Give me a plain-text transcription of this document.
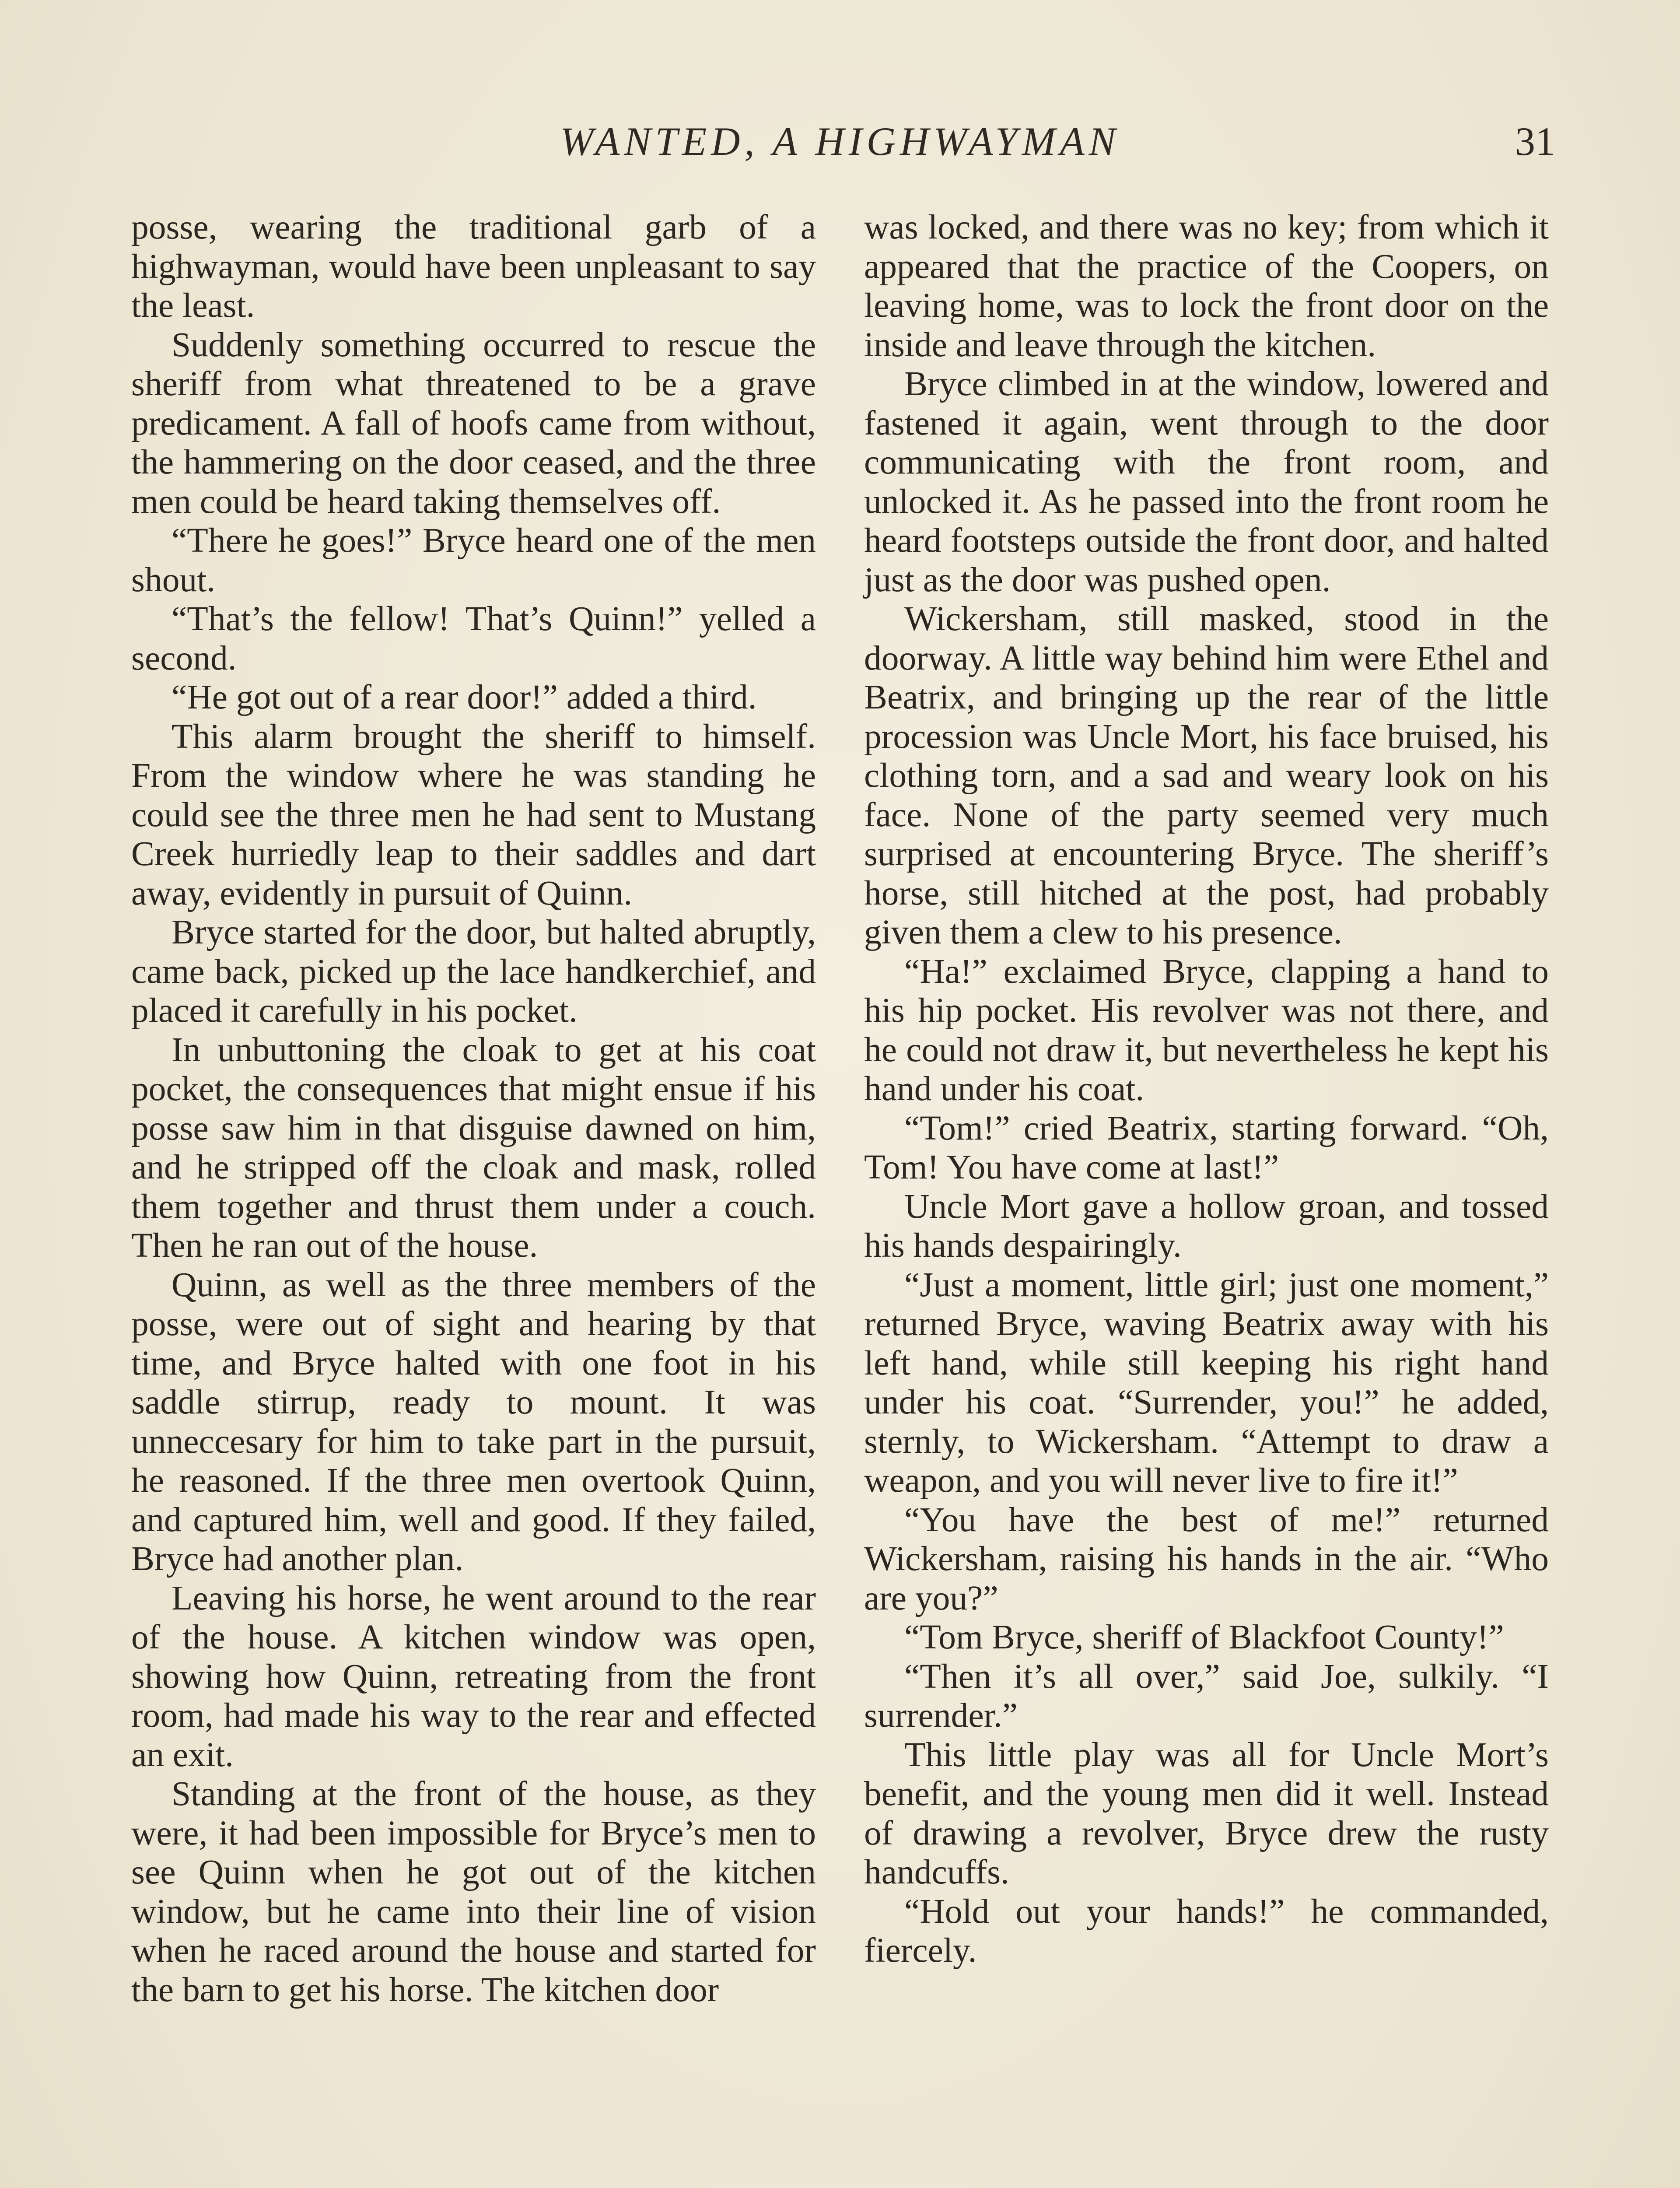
WANTED, A HIGHWAYMAN	31

posse, wearing the traditional garb of a highwayman, would have been unpleasant to say the least.

Suddenly something occurred to rescue the sheriff from what threatened to be a grave predicament. A fall of hoofs came from without, the hammering on the door ceased, and the three men could be heard taking themselves off.

“There he goes!” Bryce heard one of the men shout.

“That’s the fellow! That’s Quinn!” yelled a second.

“He got out of a rear door!” added a third.

This alarm brought the sheriff to himself. From the window where he was standing he could see the three men he had sent to Mustang Creek hurriedly leap to their saddles and dart away, evidently in pursuit of Quinn.

Bryce started for the door, but halted abruptly, came back, picked up the lace handkerchief, and placed it carefully in his pocket.

In unbuttoning the cloak to get at his coat pocket, the consequences that might ensue if his posse saw him in that disguise dawned on him, and he stripped off the cloak and mask, rolled them together and thrust them under a couch. Then he ran out of the house.

Quinn, as well as the three members of the posse, were out of sight and hearing by that time, and Bryce halted with one foot in his saddle stirrup, ready to mount. It was unneccesary for him to take part in the pursuit, he reasoned. If the three men overtook Quinn, and captured him, well and good. If they failed, Bryce had another plan.

Leaving his horse, he went around to the rear of the house. A kitchen window was open, showing how Quinn, retreating from the front room, had made his way to the rear and effected an exit.

Standing at the front of the house, as they were, it had been impossible for Bryce’s men to see Quinn when he got out of the kitchen window, but he came into their line of vision when he raced around the house and started for the barn to get his horse. The kitchen door

was locked, and there was no key; from which it appeared that the practice of the Coopers, on leaving home, was to lock the front door on the inside and leave through the kitchen.

Bryce climbed in at the window, lowered and fastened it again, went through to the door communicating with the front room, and unlocked it. As he passed into the front room he heard footsteps outside the front door, and halted just as the door was pushed open.

Wickersham, still masked, stood in the doorway. A little way behind him were Ethel and Beatrix, and bringing up the rear of the little procession was Uncle Mort, his face bruised, his clothing torn, and a sad and weary look on his face. None of the party seemed very much surprised at encountering Bryce. The sheriff’s horse, still hitched at the post, had probably given them a clew to his presence.

“Ha!” exclaimed Bryce, clapping a hand to his hip pocket. His revolver was not there, and he could not draw it, but nevertheless he kept his hand under his coat.

“Tom!” cried Beatrix, starting forward. “Oh, Tom! You have come at last!”

Uncle Mort gave a hollow groan, and tossed his hands despairingly.

“Just a moment, little girl; just one moment,” returned Bryce, waving Beatrix away with his left hand, while still keeping his right hand under his coat. “Surrender, you!” he added, sternly, to Wickersham. “Attempt to draw a weapon, and you will never live to fire it!”

“You have the best of me!” returned Wickersham, raising his hands in the air. “Who are you?”

“Tom Bryce, sheriff of Blackfoot County!”

“Then it’s all over,” said Joe, sulkily. “I surrender.”

This little play was all for Uncle Mort’s benefit, and the young men did it well. Instead of drawing a revolver, Bryce drew the rusty handcuffs.

“Hold out your hands!” he commanded, fiercely.
